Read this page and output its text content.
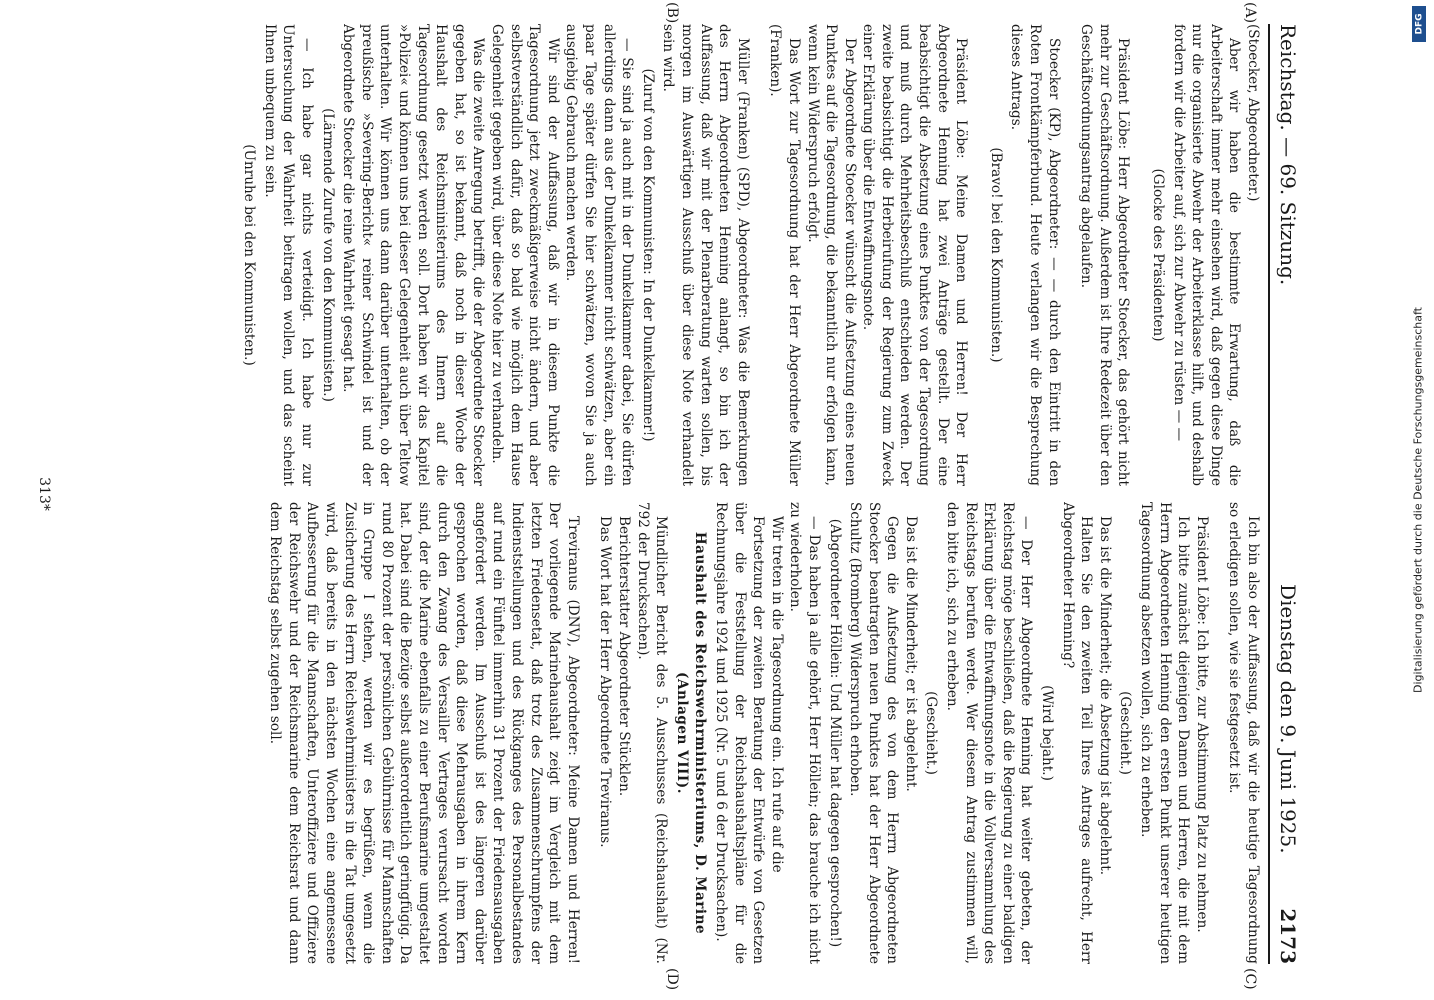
Reichstag. — 69. Sitzung.
Dienstag den 9. Juni 1925.
2173
(A)
(B)
(C)
(D)

(Stoecker, Abgeordneter.)

Aber wir haben die bestimmte Erwartung, daß die Arbeiterschaft immer mehr einsehen wird, daß gegen diese Dinge nur die organisierte Abwehr der Arbeiterklasse hilft, und deshalb fordern wir die Arbeiter auf, sich zur Abwehr zu rüsten — —

(Glocke des Präsidenten)

Präsident Löbe: Herr Abgeordneter Stoecker, das gehört nicht mehr zur Geschäftsordnung. Außerdem ist Ihre Redezeit über den Geschäftsordnungsantrag abgelaufen.

Stoecker (KP), Abgeordneter: — — durch den Eintritt in den Roten Frontkämpferbund. Heute verlangen wir die Besprechung dieses Antrags.

(Bravo! bei den Kommunisten.)

Präsident Löbe: Meine Damen und Herren! Der Herr Abgeordnete Henning hat zwei Anträge gestellt. Der eine beabsichtigt die Absetzung eines Punktes von der Tagesordnung und muß durch Mehrheitsbeschluß entschieden werden. Der zweite beabsichtigt die Herbeirufung der Regierung zum Zweck einer Erklärung über die Entwaffnungsnote.

Der Abgeordnete Stoecker wünscht die Aufsetzung eines neuen Punktes auf die Tagesordnung, die bekanntlich nur erfolgen kann, wenn kein Widerspruch erfolgt.

Das Wort zur Tagesordnung hat der Herr Abgeordnete Müller (Franken).

Müller (Franken) (SPD), Abgeordneter: Was die Bemerkungen des Herrn Abgeordneten Henning anlangt, so bin ich der Auffassung, daß wir mit der Plenarberatung warten sollen, bis morgen im Auswärtigen Ausschuß über diese Note verhandelt sein wird.

(Zuruf von den Kommunisten: In der Dunkelkammer!)

— Sie sind ja auch mit in der Dunkelkammer dabei, Sie dürfen allerdings dann aus der Dunkelkammer nicht schwätzen, aber ein paar Tage später dürfen Sie hier schwätzen, wovon Sie ja auch ausgiebig Gebrauch machen werden.

Wir sind der Auffassung, daß wir in diesem Punkte die Tagesordnung jetzt zweckmäßigerweise nicht ändern, und aber selbstverständlich dafür, daß so bald wie möglich dem Hause Gelegenheit gegeben wird, über diese Note hier zu verhandeln.

Was die zweite Anregung betrifft, die der Abgeordnete Stoecker gegeben hat, so ist bekannt, daß noch in dieser Woche der Haushalt des Reichsministeriums des Innern auf die Tagesordnung gesetzt werden soll. Dort haben wir das Kapitel »Polizei« und können uns bei dieser Gelegenheit auch über Teltow unterhalten. Wir können uns dann darüber unterhalten, ob der preußische »Severing-Bericht« reiner Schwindel ist und der Abgeordnete Stoecker die reine Wahrheit gesagt hat.

(Lärmende Zurufe von den Kommunisten.)

— Ich habe gar nichts verteidigt. Ich habe nur zur Untersuchung der Wahrheit beitragen wollen, und das scheint Ihnen unbequem zu sein.

(Unruhe bei den Kommunisten.)

Ich bin also der Auffassung, daß wir die heutige Tagesordnung so erledigen sollen, wie sie festgesetzt ist.

Präsident Löbe: Ich bitte, zur Abstimmung Platz zu nehmen.

Ich bitte zunächst diejenigen Damen und Herren, die mit dem Herrn Abgeordneten Henning den ersten Punkt unserer heutigen Tagesordnung absetzen wollen, sich zu erheben.

(Geschieht.)

Das ist die Minderheit; die Absetzung ist abgelehnt.

Halten Sie den zweiten Teil Ihres Antrages aufrecht, Herr Abgeordneter Henning?

(Wird bejaht.)

— Der Herr Abgeordnete Henning hat weiter gebeten, der Reichstag möge beschließen, daß die Regierung zu einer baldigen Erklärung über die Entwaffnungsnote in die Vollversammlung des Reichstags berufen werde. Wer diesem Antrag zustimmen will, den bitte ich, sich zu erheben.

(Geschieht.)

Das ist die Minderheit; er ist abgelehnt.

Gegen die Aufsetzung des von dem Herrn Abgeordneten Stoecker beantragten neuen Punktes hat der Herr Abgeordnete Schultz (Bromberg) Widerspruch erhoben.

(Abgeordneter Höllein: Und Müller hat dagegen gesprochen!)

— Das haben ja alle gehört, Herr Höllein; das brauche ich nicht zu wiederholen.

Wir treten in die Tagesordnung ein. Ich rufe auf die

Fortsetzung der zweiten Beratung der Entwürfe von Gesetzen über die Feststellung der Reichshaushaltspläne für die Rechnungsjahre 1924 und 1925 (Nr. 5 und 6 der Drucksachen).

Haushalt des Reichswehrministeriums, D. Marine (Anlagen VIII).

Mündlicher Bericht des 5. Ausschusses (Reichshaushalt) (Nr. 792 der Drucksachen).

Berichterstatter Abgeordneter Stücklen.

Das Wort hat der Herr Abgeordnete Treviranus.

Treviranus (DNV), Abgeordneter: Meine Damen und Herren! Der vorliegende Marinehaushalt zeigt im Vergleich mit dem letzten Friedensetat, daß trotz des Zusammenschrumpfens der Indienststellungen und des Rückganges des Personalbestandes auf rund ein Fünftel immerhin 31 Prozent der Friedensausgaben angefordert werden. Im Ausschuß ist des längeren darüber gesprochen worden, daß diese Mehrausgaben in ihrem Kern durch den Zwang des Versailler Vertrages verursacht worden sind, der die Marine ebenfalls zu einer Berufsmarine umgestaltet hat. Dabei sind die Bezüge selbst außerordentlich geringfügig. Da rund 80 Prozent der persönlichen Gebührnisse für Mannschaften in Gruppe I stehen, werden wir es begrüßen, wenn die Zusicherung des Herrn Reichswehrministers in die Tat umgesetzt wird, daß bereits in den nächsten Wochen eine angemessene Aufbesserung für die Mannschaften, Unteroffiziere und Offiziere der Reichswehr und der Reichsmarine dem Reichsrat und dann dem Reichstag selbst zugehen soll.

313*	Digitalisierung gefördert durch die Deutsche Forschungsgemeinschaft
DFG
